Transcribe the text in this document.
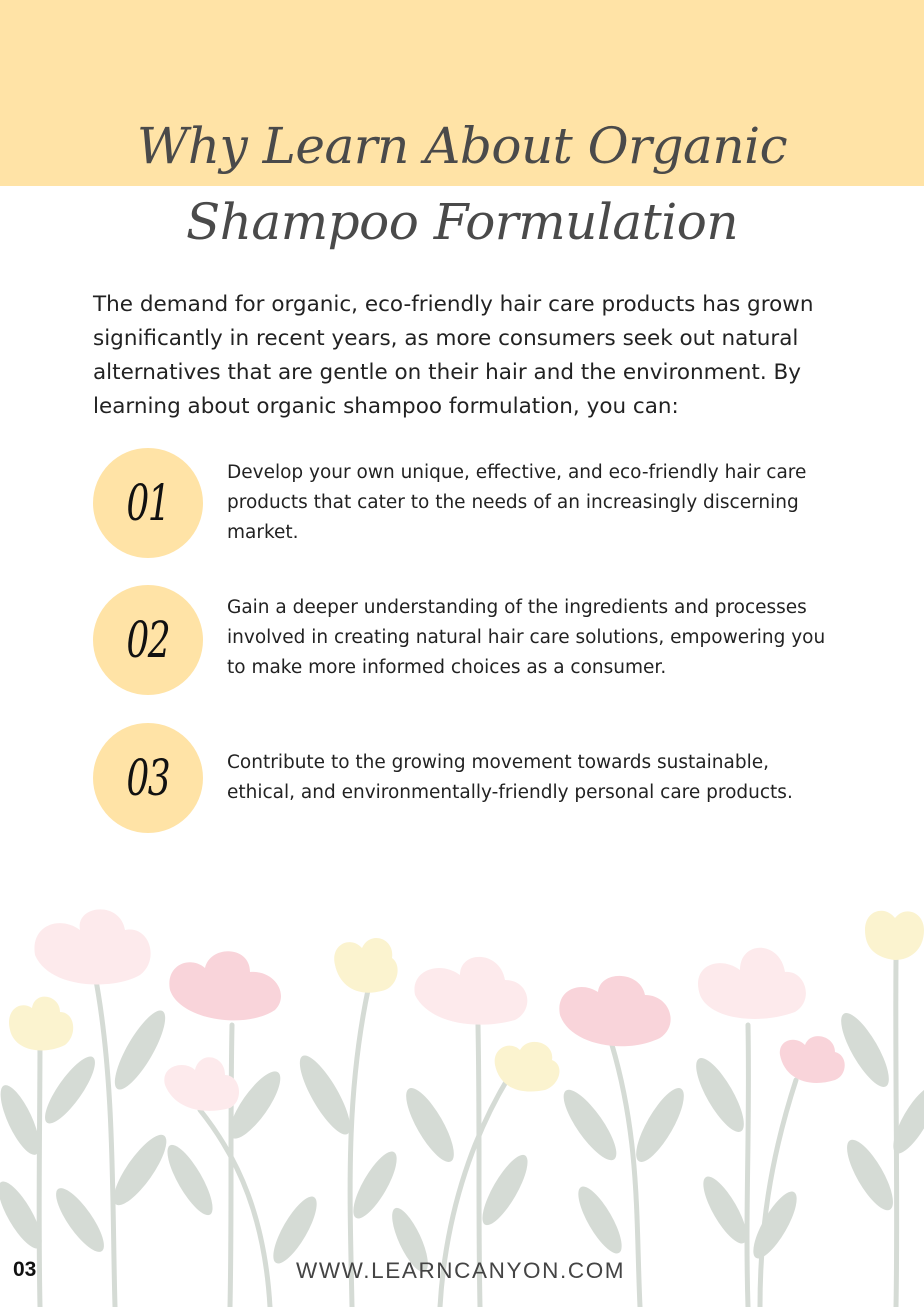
Why Learn About Organic Shampoo Formulation

The demand for organic, eco-friendly hair care products has grown significantly in recent years, as more consumers seek out natural alternatives that are gentle on their hair and the environment. By learning about organic shampoo formulation, you can:

01

Develop your own unique, effective, and eco-friendly hair care products that cater to the needs of an increasingly discerning market.

02

Gain a deeper understanding of the ingredients and processes involved in creating natural hair care solutions, empowering you to make more informed choices as a consumer.

03	Contribute to the growing movement towards sustainable, ethical, and environmentally-friendly personal care products.

03	WWW.LEARNCANYON.COM
